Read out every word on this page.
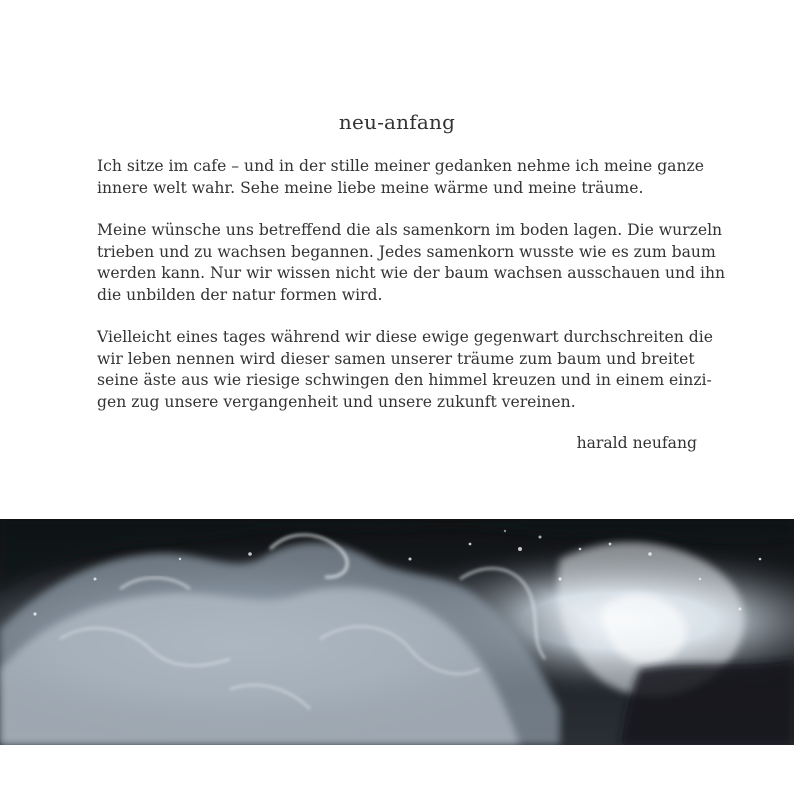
neu-anfang
Ich sitze im cafe – und in der stille meiner gedanken nehme ich meine ganze
innere welt wahr. Sehe meine liebe meine wärme und meine träume.
Meine wünsche uns betreffend die als samenkorn im boden lagen. Die wurzeln
trieben und zu wachsen begannen. Jedes samenkorn wusste wie es zum baum
werden kann. Nur wir wissen nicht wie der baum wachsen ausschauen und ihn
die unbilden der natur formen wird.
Vielleicht eines tages während wir diese ewige gegenwart durchschreiten die
wir leben nennen wird dieser samen unserer träume zum baum und breitet
seine äste aus wie riesige schwingen den himmel kreuzen und in einem einzi-
gen zug unsere vergangenheit und unsere zukunft vereinen.
harald neufang
